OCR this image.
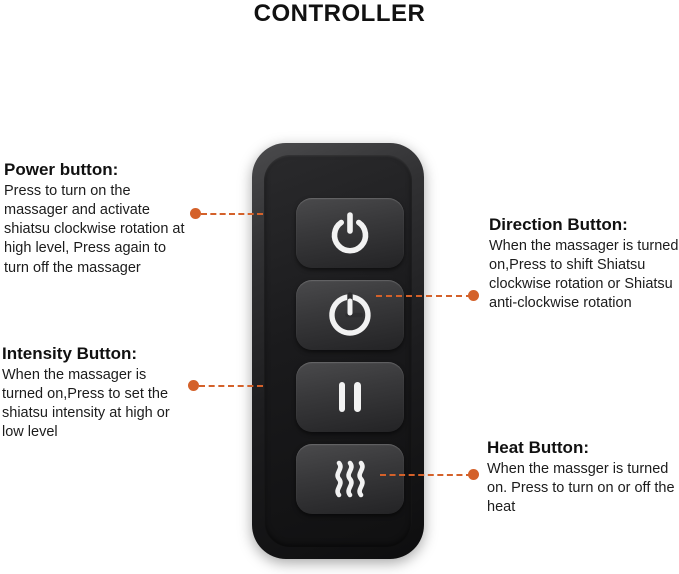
CONTROLLER
Power button:

Press to turn on the massager and activate shiatsu clockwise rotation at high level, Press again to turn off the massager

Intensity Button:

When the massager is turned on,Press to set the shiatsu intensity at high or low level

Direction Button:

When the massager is turned on,Press to shift Shiatsu clockwise rotation or Shiatsu anti-clockwise rotation

Heat Button:

When the massger is turned on. Press to turn on or off the heat
